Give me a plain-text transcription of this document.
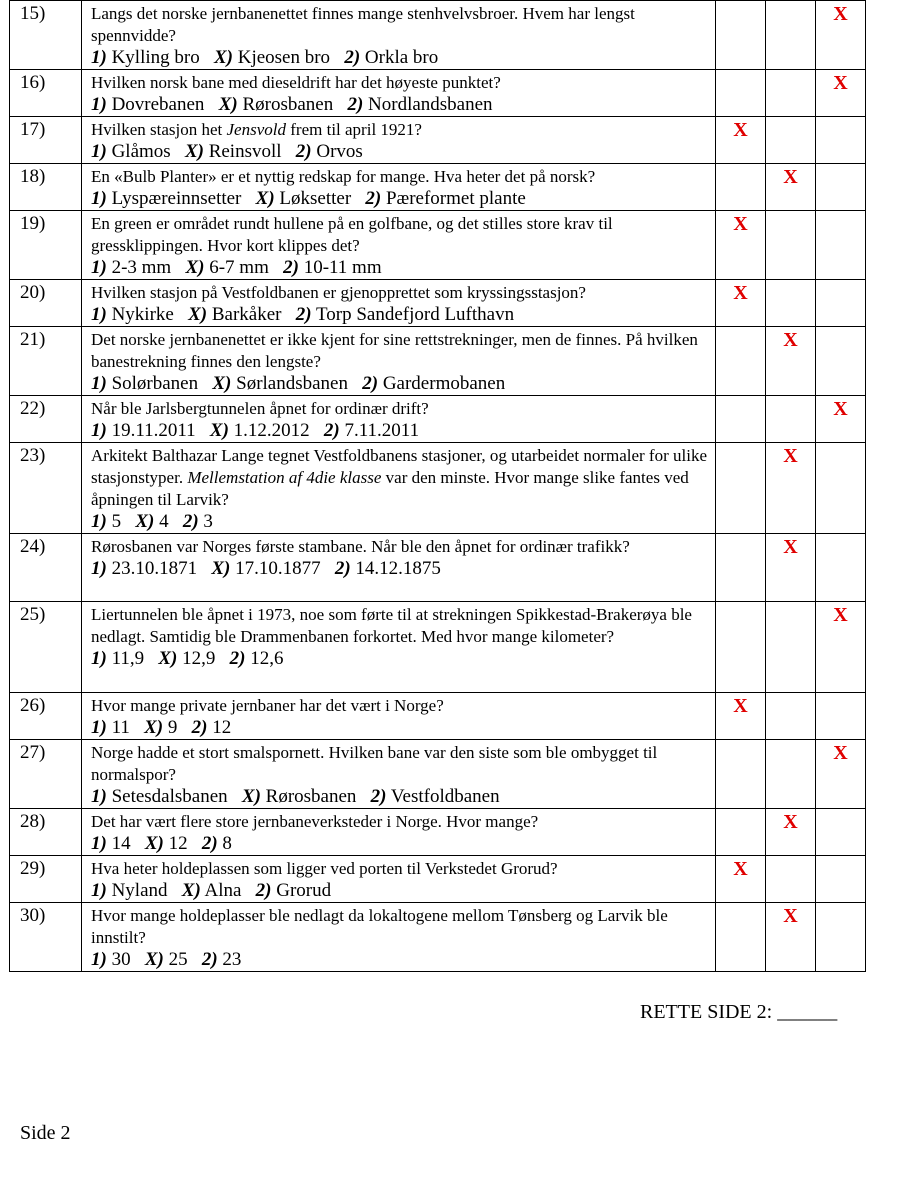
15)	Langs det norske jernbanenettet finnes mange stenhvelvsbroer. Hvem har lengst spennvidde?
1) Kylling bro X) Kjeosen bro 2) Orkla bro			X

16)	Hvilken norsk bane med dieseldrift har det høyeste punktet?
1) Dovrebanen X) Rørosbanen 2) Nordlandsbanen			X

17)	Hvilken stasjon het Jensvold frem til april 1921?
1) Glåmos X) Reinsvoll 2) Orvos	X		

18)	En «Bulb Planter» er et nyttig redskap for mange. Hva heter det på norsk?
1) Lyspæreinnsetter X) Løksetter 2) Pæreformet plante		X	

19)	En green er området rundt hullene på en golfbane, og det stilles store krav til gressklippingen. Hvor kort klippes det?
1) 2-3 mm X) 6-7 mm 2) 10-11 mm	X		

20)	Hvilken stasjon på Vestfoldbanen er gjenopprettet som kryssingsstasjon?
1) Nykirke X) Barkåker 2) Torp Sandefjord Lufthavn	X		

21)	Det norske jernbanenettet er ikke kjent for sine rettstrekninger, men de finnes. På hvilken banestrekning finnes den lengste?
1) Solørbanen X) Sørlandsbanen 2) Gardermobanen		X	

22)	Når ble Jarlsbergtunnelen åpnet for ordinær drift?
1) 19.11.2011 X) 1.12.2012 2) 7.11.2011			X

23)	Arkitekt Balthazar Lange tegnet Vestfoldbanens stasjoner, og utarbeidet normaler for ulike stasjonstyper. Mellemstation af 4die klasse var den minste. Hvor mange slike fantes ved åpningen til Larvik?
1) 5 X) 4 2) 3		X	

24)	Rørosbanen var Norges første stambane. Når ble den åpnet for ordinær trafikk?
1) 23.10.1871 X) 17.10.1877 2) 14.12.1875		X	

25)	Liertunnelen ble åpnet i 1973, noe som førte til at strekningen Spikkestad-Brakerøya ble nedlagt. Samtidig ble Drammenbanen forkortet. Med hvor mange kilometer?
1) 11,9 X) 12,9 2) 12,6			X

26)	Hvor mange private jernbaner har det vært i Norge?
1) 11 X) 9 2) 12	X		

27)	Norge hadde et stort smalspornett. Hvilken bane var den siste som ble ombygget til normalspor?
1) Setesdalsbanen X) Rørosbanen 2) Vestfoldbanen			X

28)	Det har vært flere store jernbaneverksteder i Norge. Hvor mange?
1) 14 X) 12 2) 8		X	

29)	Hva heter holdeplassen som ligger ved porten til Verkstedet Grorud?
1) Nyland X) Alna 2) Grorud	X		

30)	Hvor mange holdeplasser ble nedlagt da lokaltogene mellom Tønsberg og Larvik ble innstilt?
1) 30 X) 25 2) 23		X	

RETTE SIDE 2: ______
Side 2
